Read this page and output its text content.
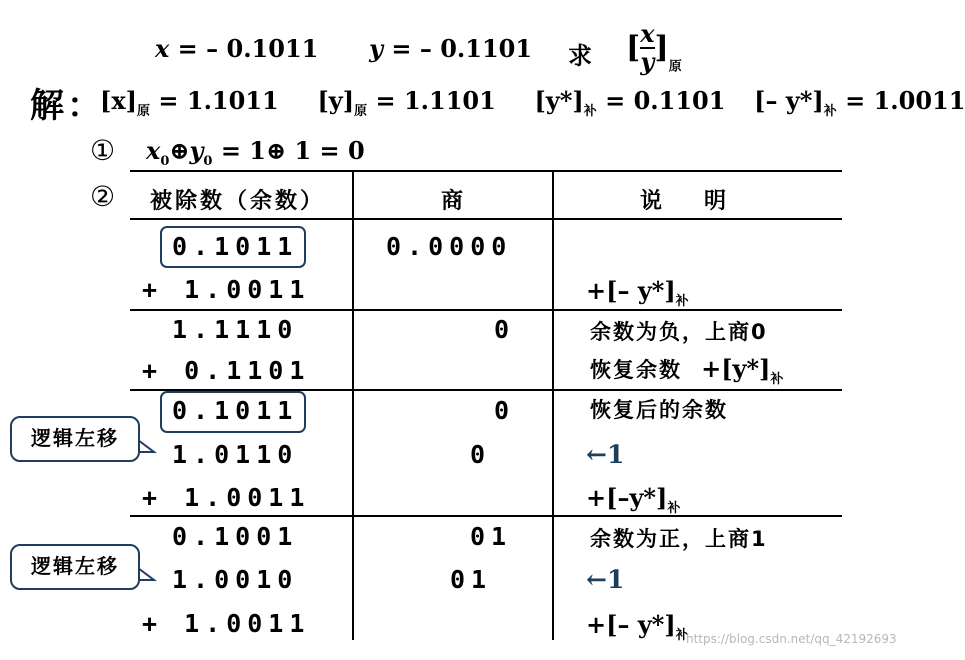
x = – 0.1011 y = – 0.1101 求 $[\frac{x}{y}]_原$
解：
$[x]_原 = 1.1011$ $[y]_原 = 1.1101$ $[y*]_补 = 0.1101$ [– $y*]_补 = 1.0011$
① $x_0\oplus y_0$ = 1⊕ 1 = 0
② 被除数（余数）	商	说　明
0.1011
+ 1.0011
1.1110
+ 0.1101
0.1011
1.0110
+ 1.0011
0.1001
1.0010
+ 1.0011
0.0000
0
0
0
01
01
+[– $y*]_补$
余数为负，上商0
恢复余数 $+[y*]_补$
恢复后的余数
←1
$+[-y*]_补$
余数为正，上商1
←1
+[– $y*]_补$
逻辑左移
逻辑左移
https://blog.csdn.net/qq_42192693
